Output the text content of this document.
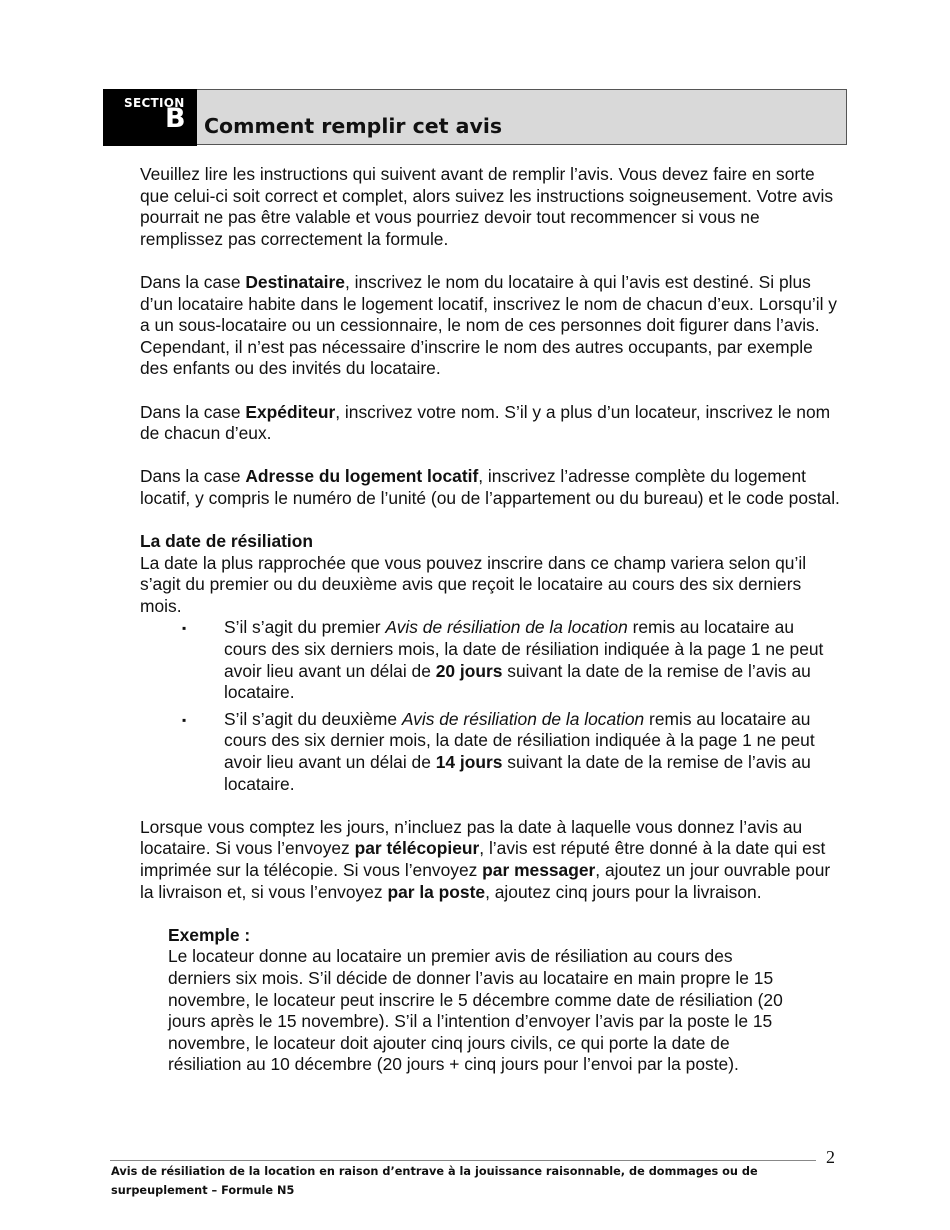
SECTION
B Comment remplir cet avis

Veuillez lire les instructions qui suivent avant de remplir l’avis. Vous devez faire en sorte que celui-ci soit correct et complet, alors suivez les instructions soigneusement. Votre avis pourrait ne pas être valable et vous pourriez devoir tout recommencer si vous ne remplissez pas correctement la formule.

Dans la case Destinataire, inscrivez le nom du locataire à qui l’avis est destiné. Si plus d’un locataire habite dans le logement locatif, inscrivez le nom de chacun d’eux. Lorsqu’il y a un sous-locataire ou un cessionnaire, le nom de ces personnes doit figurer dans l’avis. Cependant, il n’est pas nécessaire d’inscrire le nom des autres occupants, par exemple des enfants ou des invités du locataire.

Dans la case Expéditeur, inscrivez votre nom. S’il y a plus d’un locateur, inscrivez le nom de chacun d’eux.

Dans la case Adresse du logement locatif, inscrivez l’adresse complète du logement locatif, y compris le numéro de l’unité (ou de l’appartement ou du bureau) et le code postal.

La date de résiliation

La date la plus rapprochée que vous pouvez inscrire dans ce champ variera selon qu’il s’agit du premier ou du deuxième avis que reçoit le locataire au cours des six derniers mois.

▪ S’il s’agit du premier Avis de résiliation de la location remis au locataire au cours des six derniers mois, la date de résiliation indiquée à la page 1 ne peut avoir lieu avant un délai de 20 jours suivant la date de la remise de l’avis au locataire.
▪ S’il s’agit du deuxième Avis de résiliation de la location remis au locataire au cours des six dernier mois, la date de résiliation indiquée à la page 1 ne peut avoir lieu avant un délai de 14 jours suivant la date de la remise de l’avis au locataire.

Lorsque vous comptez les jours, n’incluez pas la date à laquelle vous donnez l’avis au locataire. Si vous l’envoyez par télécopieur, l’avis est réputé être donné à la date qui est imprimée sur la télécopie. Si vous l’envoyez par messager, ajoutez un jour ouvrable pour la livraison et, si vous l’envoyez par la poste, ajoutez cinq jours pour la livraison.

Exemple :

Le locateur donne au locataire un premier avis de résiliation au cours des derniers six mois. S’il décide de donner l’avis au locataire en main propre le 15 novembre, le locateur peut inscrire le 5 décembre comme date de résiliation (20 jours après le 15 novembre). S’il a l’intention d’envoyer l’avis par la poste le 15 novembre, le locateur doit ajouter cinq jours civils, ce qui porte la date de résiliation au 10 décembre (20 jours + cinq jours pour l’envoi par la poste).

2
Avis de résiliation de la location en raison d’entrave à la jouissance raisonnable, de dommages ou de surpeuplement – Formule N5
